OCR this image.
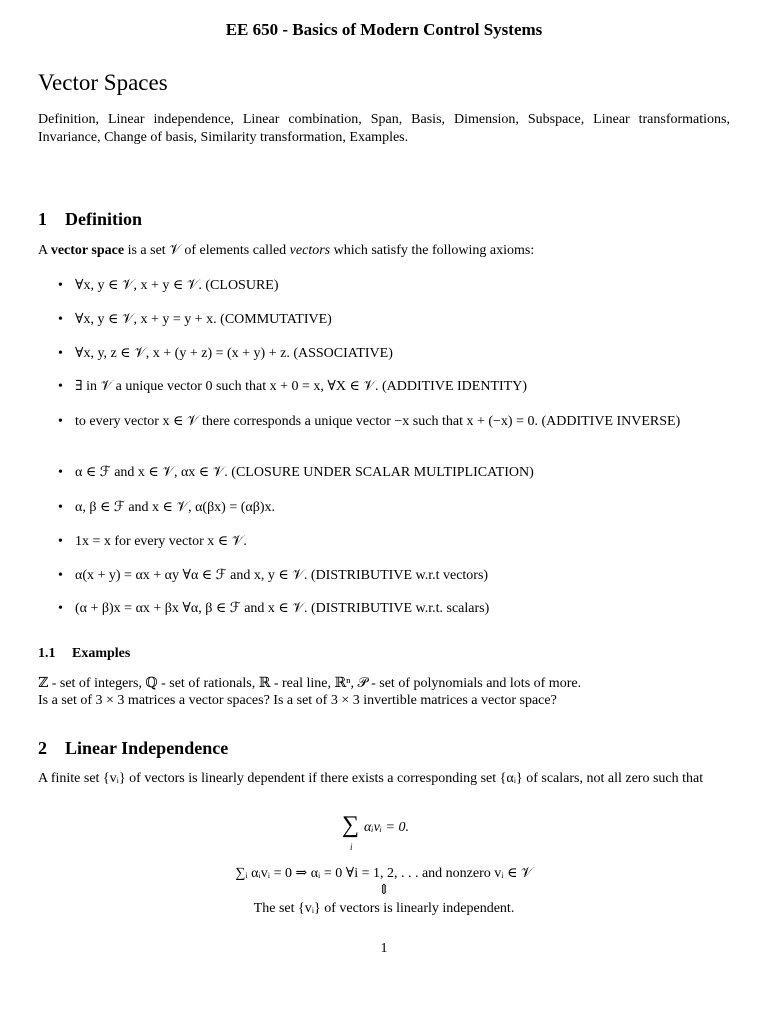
EE 650 - Basics of Modern Control Systems
Vector Spaces

Definition, Linear independence, Linear combination, Span, Basis, Dimension, Subspace, Linear transformations, Invariance, Change of basis, Similarity transformation, Examples.

1 Definition

A vector space is a set 𝒱 of elements called vectors which satisfy the following axioms:

• ∀x, y ∈ 𝒱, x + y ∈ 𝒱. (CLOSURE)
• ∀x, y ∈ 𝒱, x + y = y + x. (COMMUTATIVE)
• ∀x, y, z ∈ 𝒱, x + (y + z) = (x + y) + z. (ASSOCIATIVE)
• ∃ in 𝒱 a unique vector 0 such that x + 0 = x, ∀X ∈ 𝒱. (ADDITIVE IDENTITY)
• to every vector x ∈ 𝒱 there corresponds a unique vector −x such that x + (−x) = 0. (ADDITIVE INVERSE)
• α ∈ ℱ and x ∈ 𝒱, αx ∈ 𝒱. (CLOSURE UNDER SCALAR MULTIPLICATION)
• α, β ∈ ℱ and x ∈ 𝒱, α(βx) = (αβ)x.
• 1x = x for every vector x ∈ 𝒱.
• α(x + y) = αx + αy ∀α ∈ ℱ and x, y ∈ 𝒱. (DISTRIBUTIVE w.r.t vectors)
• (α + β)x = αx + βx ∀α, β ∈ ℱ and x ∈ 𝒱. (DISTRIBUTIVE w.r.t. scalars)
1.1 Examples
ℤ - set of integers, ℚ - set of rationals, ℝ - real line, ℝⁿ, 𝒫 - set of polynomials and lots of more.
Is a set of 3 × 3 matrices a vector spaces? Is a set of 3 × 3 invertible matrices a vector space?
2 Linear Independence

A finite set {vᵢ} of vectors is linearly dependent if there exists a corresponding set {αᵢ} of scalars, not all zero such that

∑
i
αᵢvᵢ = 0.
∑ᵢ αᵢvᵢ = 0 ⇒ αᵢ = 0 ∀i = 1, 2, . . . and nonzero vᵢ ∈ 𝒱
⇕
The set {vᵢ} of vectors is linearly independent.
1
